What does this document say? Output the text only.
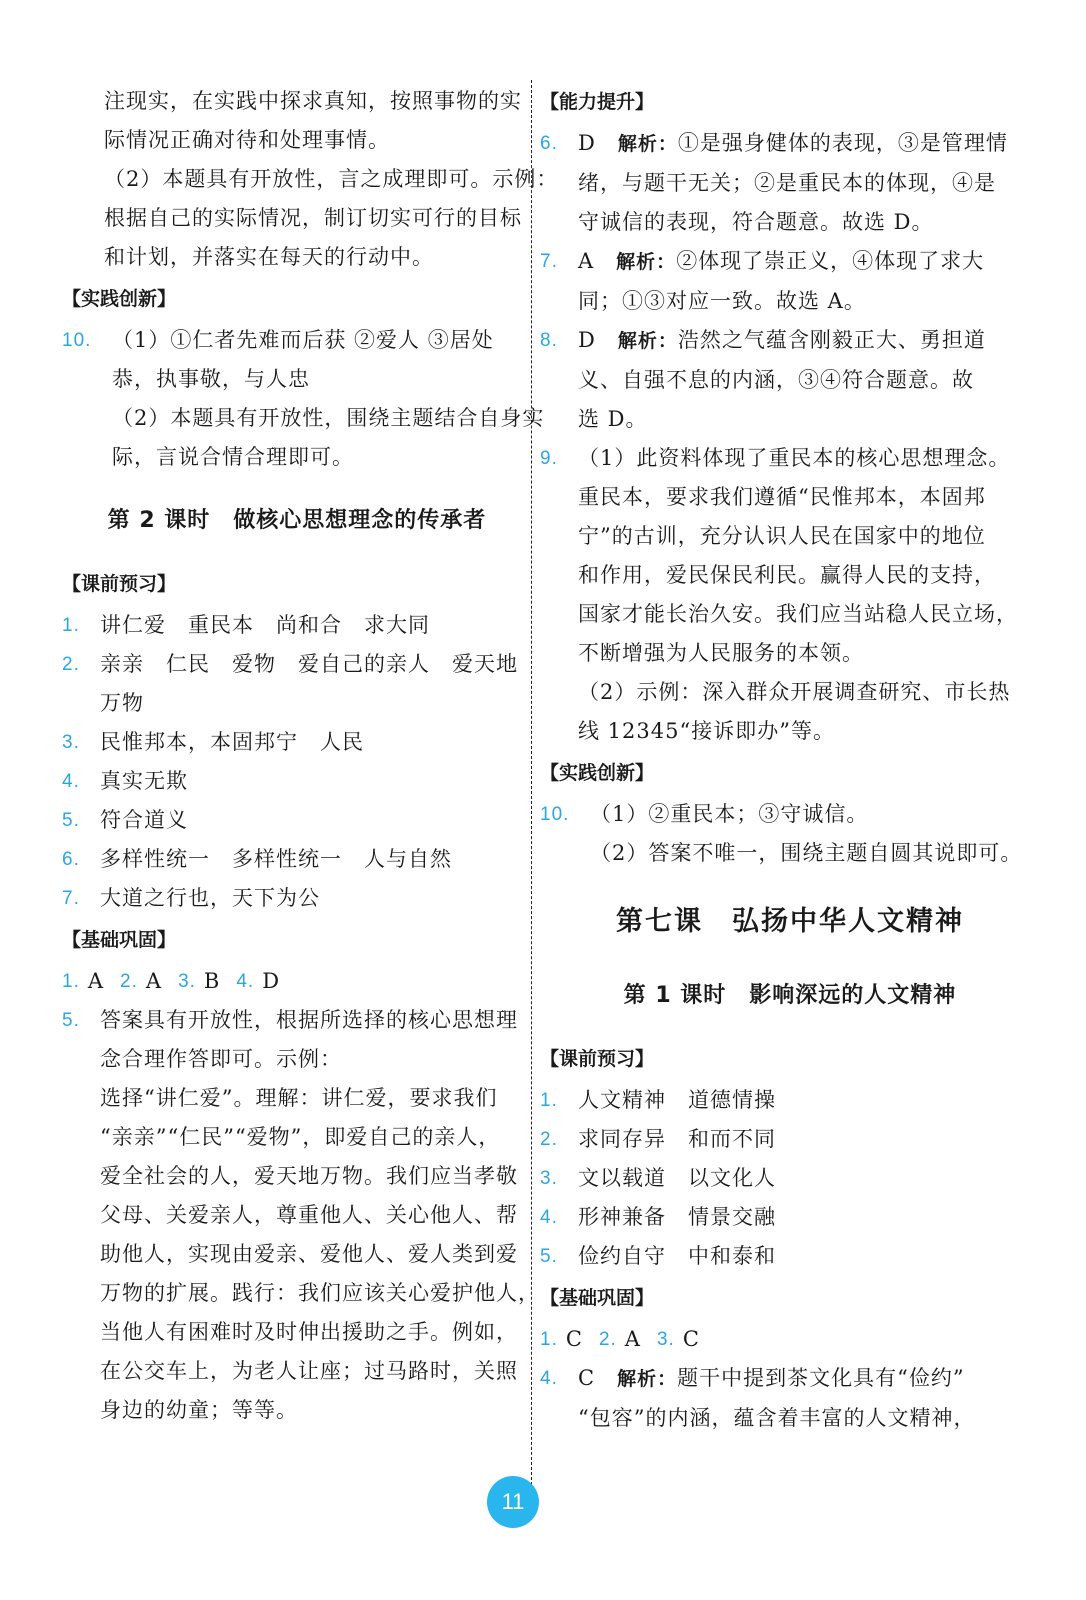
注现实，在实践中探求真知，按照事物的实
际情况正确对待和处理事情。
（2）本题具有开放性，言之成理即可。示例：
根据自己的实际情况，制订切实可行的目标
和计划，并落实在每天的行动中。
【实践创新】
10. （1）①仁者先难而后获 ②爱人 ③居处
恭，执事敬，与人忠
（2）本题具有开放性，围绕主题结合自身实
际，言说合情合理即可。
第 2 课时　做核心思想理念的传承者
【课前预习】
1. 讲仁爱　重民本　尚和合　求大同
2. 亲亲　仁民　爱物　爱自己的亲人　爱天地
万物
3. 民惟邦本，本固邦宁　人民
4. 真实无欺
5. 符合道义
6. 多样性统一　多样性统一　人与自然
7. 大道之行也，天下为公
【基础巩固】
1. A 2. A 3. B 4. D
5. 答案具有开放性，根据所选择的核心思想理
念合理作答即可。示例：
选择“讲仁爱”。理解：讲仁爱，要求我们
“亲亲”“仁民”“爱物”，即爱自己的亲人，
爱全社会的人，爱天地万物。我们应当孝敬
父母、关爱亲人，尊重他人、关心他人、帮
助他人，实现由爱亲、爱他人、爱人类到爱
万物的扩展。践行：我们应该关心爱护他人，
当他人有困难时及时伸出援助之手。例如，
在公交车上，为老人让座；过马路时，关照
身边的幼童；等等。
【能力提升】
6. D 解析：①是强身健体的表现，③是管理情
绪，与题干无关；②是重民本的体现，④是
守诚信的表现，符合题意。故选 D。
7. A 解析：②体现了崇正义，④体现了求大
同；①③对应一致。故选 A。
8. D 解析：浩然之气蕴含刚毅正大、勇担道
义、自强不息的内涵，③④符合题意。故
选 D。
9. （1）此资料体现了重民本的核心思想理念。
重民本，要求我们遵循“民惟邦本，本固邦
宁”的古训，充分认识人民在国家中的地位
和作用，爱民保民利民。赢得人民的支持，
国家才能长治久安。我们应当站稳人民立场，
不断增强为人民服务的本领。
（2）示例：深入群众开展调查研究、市长热
线 12345“接诉即办”等。
【实践创新】
10. （1）②重民本；③守诚信。
（2）答案不唯一，围绕主题自圆其说即可。
第七课　弘扬中华人文精神
第 1 课时　影响深远的人文精神
【课前预习】
1. 人文精神　道德情操
2. 求同存异　和而不同
3. 文以载道　以文化人
4. 形神兼备　情景交融
5. 俭约自守　中和泰和
【基础巩固】
1. C 2. A 3. C
4. C 解析：题干中提到茶文化具有“俭约”
“包容”的内涵，蕴含着丰富的人文精神，
11
